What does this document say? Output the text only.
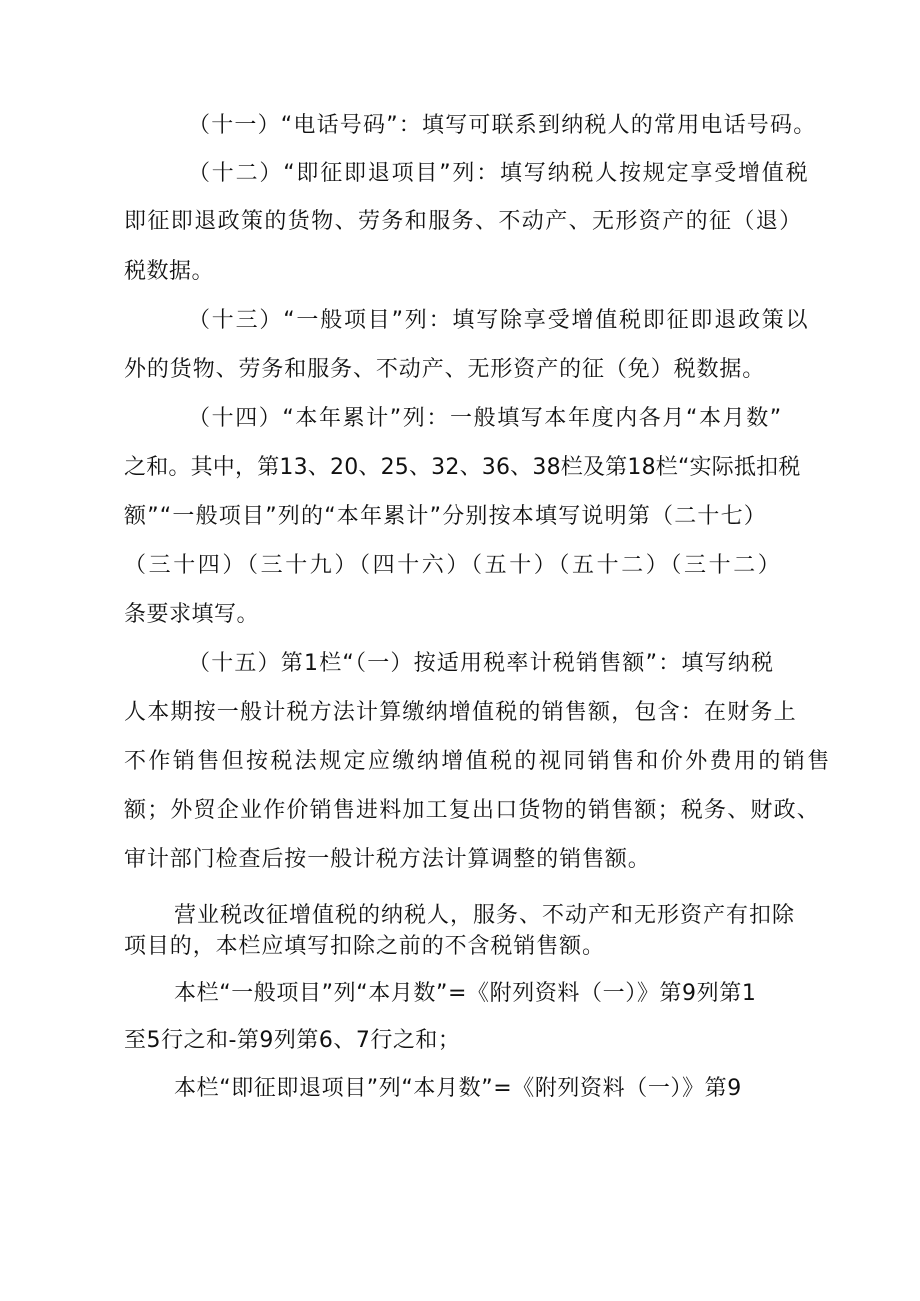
（十一）“电话号码”：填写可联系到纳税人的常用电话号码。

（十二）“即征即退项目”列：填写纳税人按规定享受增值税

即征即退政策的货物、劳务和服务、不动产、无形资产的征（退）

税数据。

（十三）“一般项目”列：填写除享受增值税即征即退政策以

外的货物、劳务和服务、不动产、无形资产的征（免）税数据。

（十四）“本年累计”列：一般填写本年度内各月“本月数”

之和。其中，第13、20、25、32、36、38栏及第18栏“实际抵扣税

额”“一般项目”列的“本年累计”分别按本填写说明第（二十七）

（三十四）（三十九）（四十六）（五十）（五十二）（三十二）

条要求填写。

（十五）第1栏“（一）按适用税率计税销售额”：填写纳税

人本期按一般计税方法计算缴纳增值税的销售额，包含：在财务上

不作销售但按税法规定应缴纳增值税的视同销售和价外费用的销售

额；外贸企业作价销售进料加工复出口货物的销售额；税务、财政、

审计部门检查后按一般计税方法计算调整的销售额。

营业税改征增值税的纳税人，服务、不动产和无形资产有扣除

项目的，本栏应填写扣除之前的不含税销售额。

本栏“一般项目”列“本月数”=《附列资料（一）》第9列第1

至5行之和-第9列第6、7行之和；

本栏“即征即退项目”列“本月数”=《附列资料（一）》第9
